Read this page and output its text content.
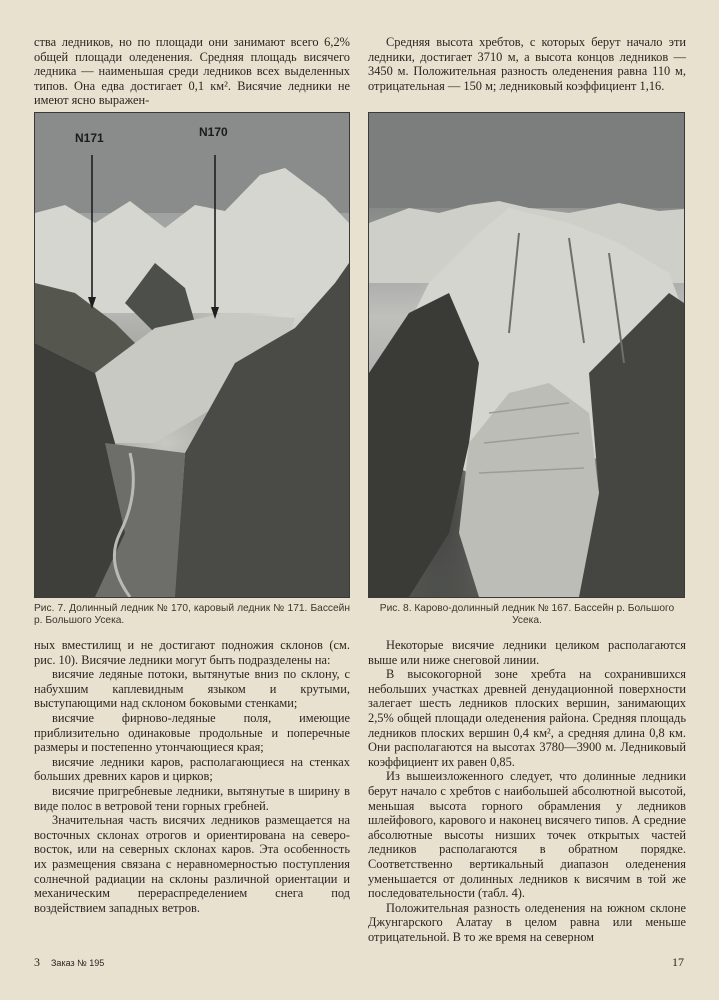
ства ледников, но по площади они занимают всего 6,2% общей площади оледенения. Средняя площадь висячего ледника — наименьшая среди ледников всех выделенных типов. Она едва достигает 0,1 км². Висячие ледники не имеют ясно выражен-

Средняя высота хребтов, с которых берут начало эти ледники, достигает 3710 м, а высота концов ледников — 3450 м. Положительная разность оледенения равна 110 м, отрицательная — 150 м; ледниковый коэффициент 1,16.

N171	N170
Рис. 7. Долинный ледник № 170, каровый ледник № 171. Бассейн р. Большого Усека.
Рис. 8. Карово-долинный ледник № 167. Бассейн р. Большого Усека.

ных вместилищ и не достигают подножия склонов (см. рис. 10). Висячие ледники могут быть подразделены на:

висячие ледяные потоки, вытянутые вниз по склону, с набухшим каплевидным языком и крутыми, выступающими над склоном боковыми стенками;

висячие фирново-ледяные поля, имеющие приблизительно одинаковые продольные и поперечные размеры и постепенно утончающиеся края;

висячие ледники каров, располагающиеся на стенках больших древних каров и цирков;

висячие пригребневые ледники, вытянутые в ширину в виде полос в ветровой тени горных гребней.

Значительная часть висячих ледников размещается на восточных склонах отрогов и ориентирована на северо-восток, или на северных склонах каров. Эта особенность их размещения связана с неравномерностью поступления солнечной радиации на склоны различной ориентации и механическим перераспределением снега под воздействием западных ветров.

Некоторые висячие ледники целиком располагаются выше или ниже снеговой линии.

В высокогорной зоне хребта на сохранившихся небольших участках древней денудационной поверхности залегает шесть ледников плоских вершин, занимающих 2,5% общей площади оледенения района. Средняя площадь ледников плоских вершин 0,4 км², а средняя длина 0,8 км. Они располагаются на высотах 3780—3900 м. Ледниковый коэффициент их равен 0,85.

Из вышеизложенного следует, что долинные ледники берут начало с хребтов с наибольшей абсолютной высотой, меньшая высота горного обрамления у ледников шлейфового, карового и наконец висячего типов. А средние абсолютные высоты низших точек открытых частей ледников располагаются в обратном порядке. Соответственно вертикальный диапазон оледенения уменьшается от долинных ледников к висячим в той же последовательности (табл. 4).

Положительная разность оледенения на южном склоне Джунгарского Алатау в целом равна или меньше отрицательной. В то же время на северном

3 Заказ № 195	17
